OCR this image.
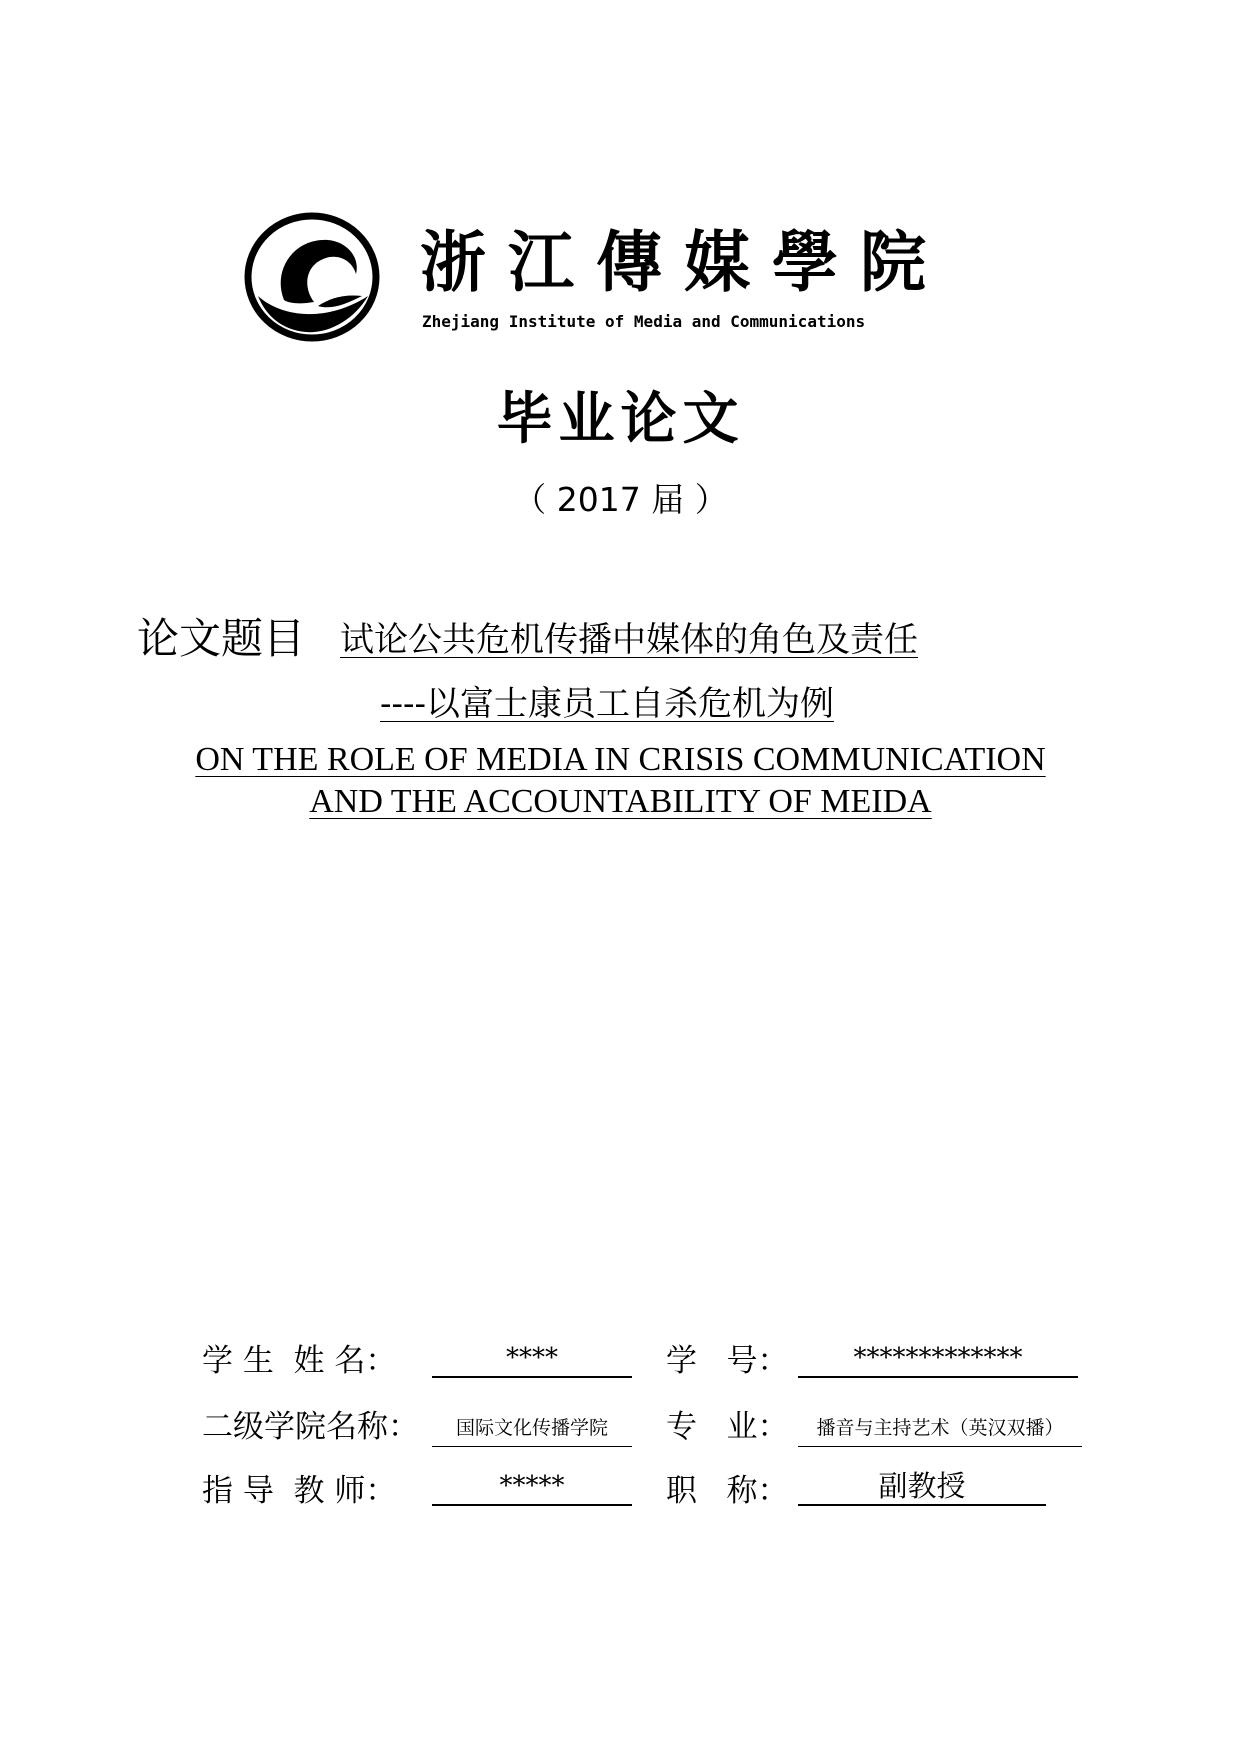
浙江傳媒學院
Zhejiang Institute of Media and Communications
毕业论文
（ 2017 届 ）
论文题目 试论公共危机传播中媒体的角色及责任
----以富士康员工自杀危机为例
ON THE ROLE OF MEDIA IN CRISIS COMMUNICATION
AND THE ACCOUNTABILITY OF MEIDA
学 生  姓 名：	****	学   号：	*************
二级学院名称：	国际文化传播学院	专   业：	播音与主持艺术（英汉双播）
指 导  教 师：	*****	职   称：	副教授
